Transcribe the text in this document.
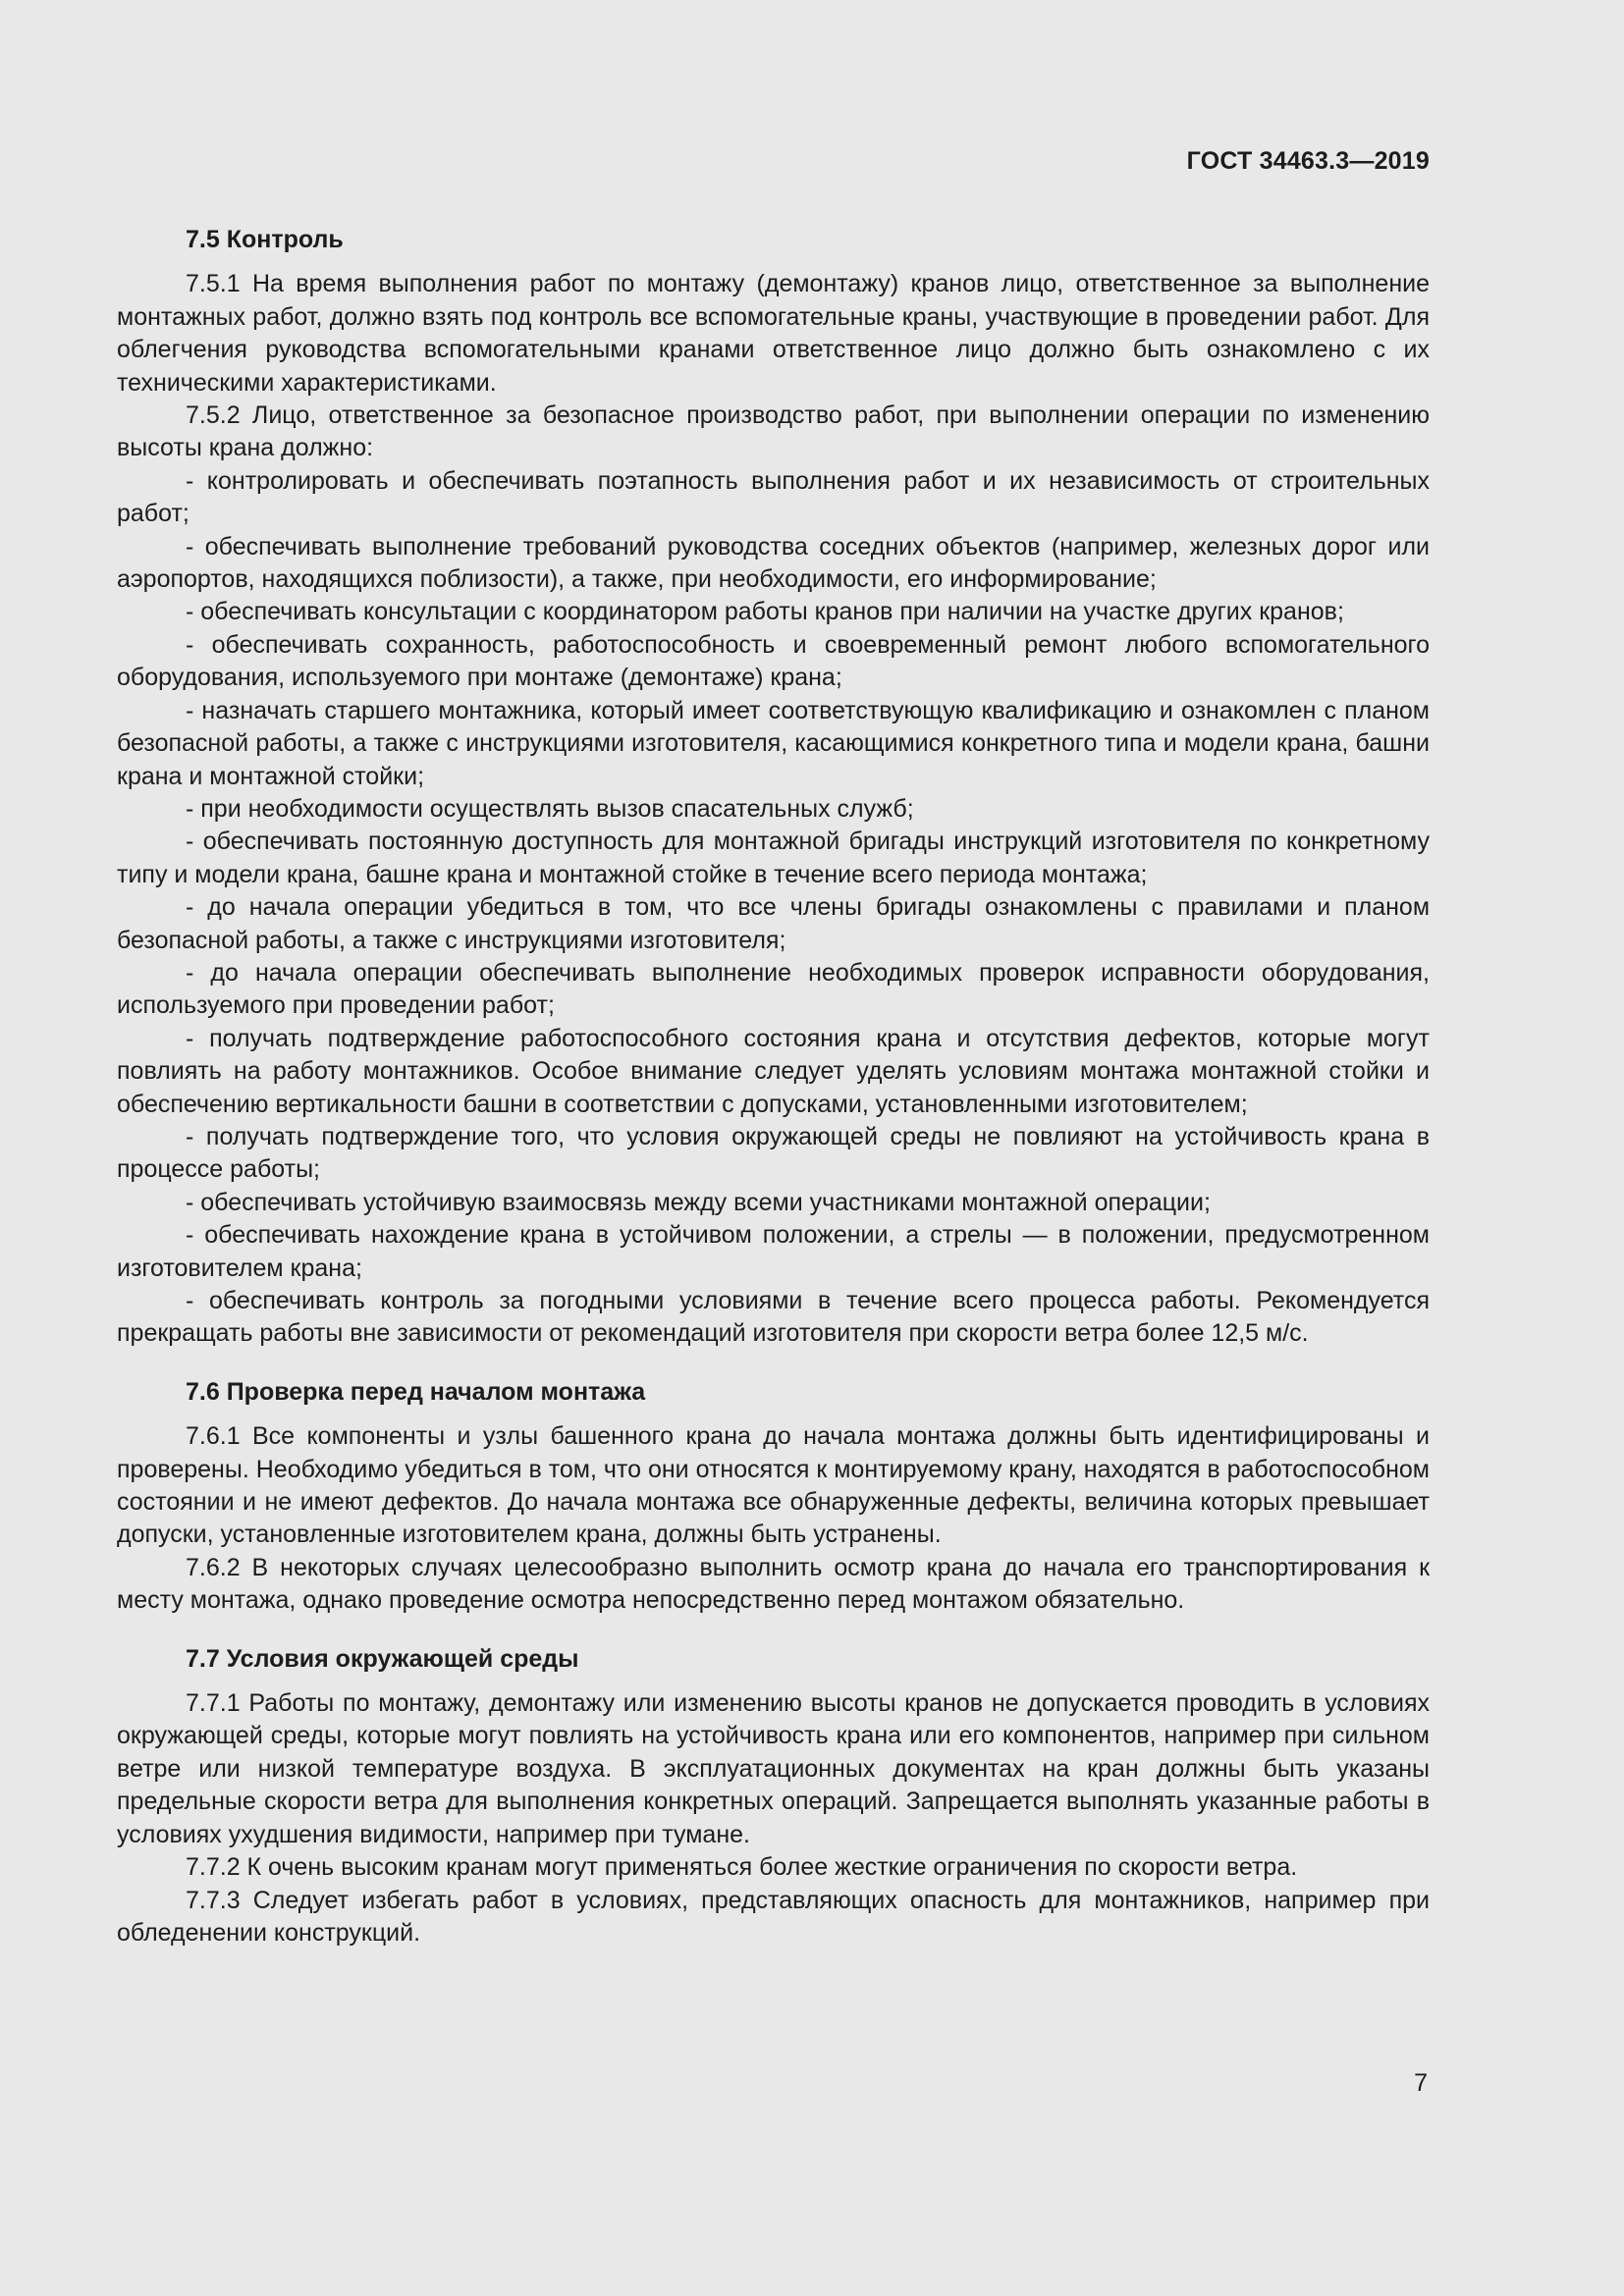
ГОСТ 34463.3—2019
7.5 Контроль

7.5.1 На время выполнения работ по монтажу (демонтажу) кранов лицо, ответственное за выполнение монтажных работ, должно взять под контроль все вспомогательные краны, участвующие в проведении работ. Для облегчения руководства вспомогательными кранами ответственное лицо должно быть ознакомлено с их техническими характеристиками.

7.5.2 Лицо, ответственное за безопасное производство работ, при выполнении операции по изменению высоты крана должно:

- контролировать и обеспечивать поэтапность выполнения работ и их независимость от строительных работ;

- обеспечивать выполнение требований руководства соседних объектов (например, железных дорог или аэропортов, находящихся поблизости), а также, при необходимости, его информирование;

- обеспечивать консультации с координатором работы кранов при наличии на участке других кранов;

- обеспечивать сохранность, работоспособность и своевременный ремонт любого вспомогательного оборудования, используемого при монтаже (демонтаже) крана;

- назначать старшего монтажника, который имеет соответствующую квалификацию и ознакомлен с планом безопасной работы, а также с инструкциями изготовителя, касающимися конкретного типа и модели крана, башни крана и монтажной стойки;

- при необходимости осуществлять вызов спасательных служб;

- обеспечивать постоянную доступность для монтажной бригады инструкций изготовителя по конкретному типу и модели крана, башне крана и монтажной стойке в течение всего периода монтажа;

- до начала операции убедиться в том, что все члены бригады ознакомлены с правилами и планом безопасной работы, а также с инструкциями изготовителя;

- до начала операции обеспечивать выполнение необходимых проверок исправности оборудования, используемого при проведении работ;

- получать подтверждение работоспособного состояния крана и отсутствия дефектов, которые могут повлиять на работу монтажников. Особое внимание следует уделять условиям монтажа монтажной стойки и обеспечению вертикальности башни в соответствии с допусками, установленными изготовителем;

- получать подтверждение того, что условия окружающей среды не повлияют на устойчивость крана в процессе работы;

- обеспечивать устойчивую взаимосвязь между всеми участниками монтажной операции;

- обеспечивать нахождение крана в устойчивом положении, а стрелы — в положении, предусмотренном изготовителем крана;

- обеспечивать контроль за погодными условиями в течение всего процесса работы. Рекомендуется прекращать работы вне зависимости от рекомендаций изготовителя при скорости ветра более 12,5 м/с.

7.6 Проверка перед началом монтажа

7.6.1 Все компоненты и узлы башенного крана до начала монтажа должны быть идентифицированы и проверены. Необходимо убедиться в том, что они относятся к монтируемому крану, находятся в работоспособном состоянии и не имеют дефектов. До начала монтажа все обнаруженные дефекты, величина которых превышает допуски, установленные изготовителем крана, должны быть устранены.

7.6.2 В некоторых случаях целесообразно выполнить осмотр крана до начала его транспортирования к месту монтажа, однако проведение осмотра непосредственно перед монтажом обязательно.

7.7 Условия окружающей среды

7.7.1 Работы по монтажу, демонтажу или изменению высоты кранов не допускается проводить в условиях окружающей среды, которые могут повлиять на устойчивость крана или его компонентов, например при сильном ветре или низкой температуре воздуха. В эксплуатационных документах на кран должны быть указаны предельные скорости ветра для выполнения конкретных операций. Запрещается выполнять указанные работы в условиях ухудшения видимости, например при тумане.

7.7.2 К очень высоким кранам могут применяться более жесткие ограничения по скорости ветра.

7.7.3 Следует избегать работ в условиях, представляющих опасность для монтажников, например при обледенении конструкций.

7
